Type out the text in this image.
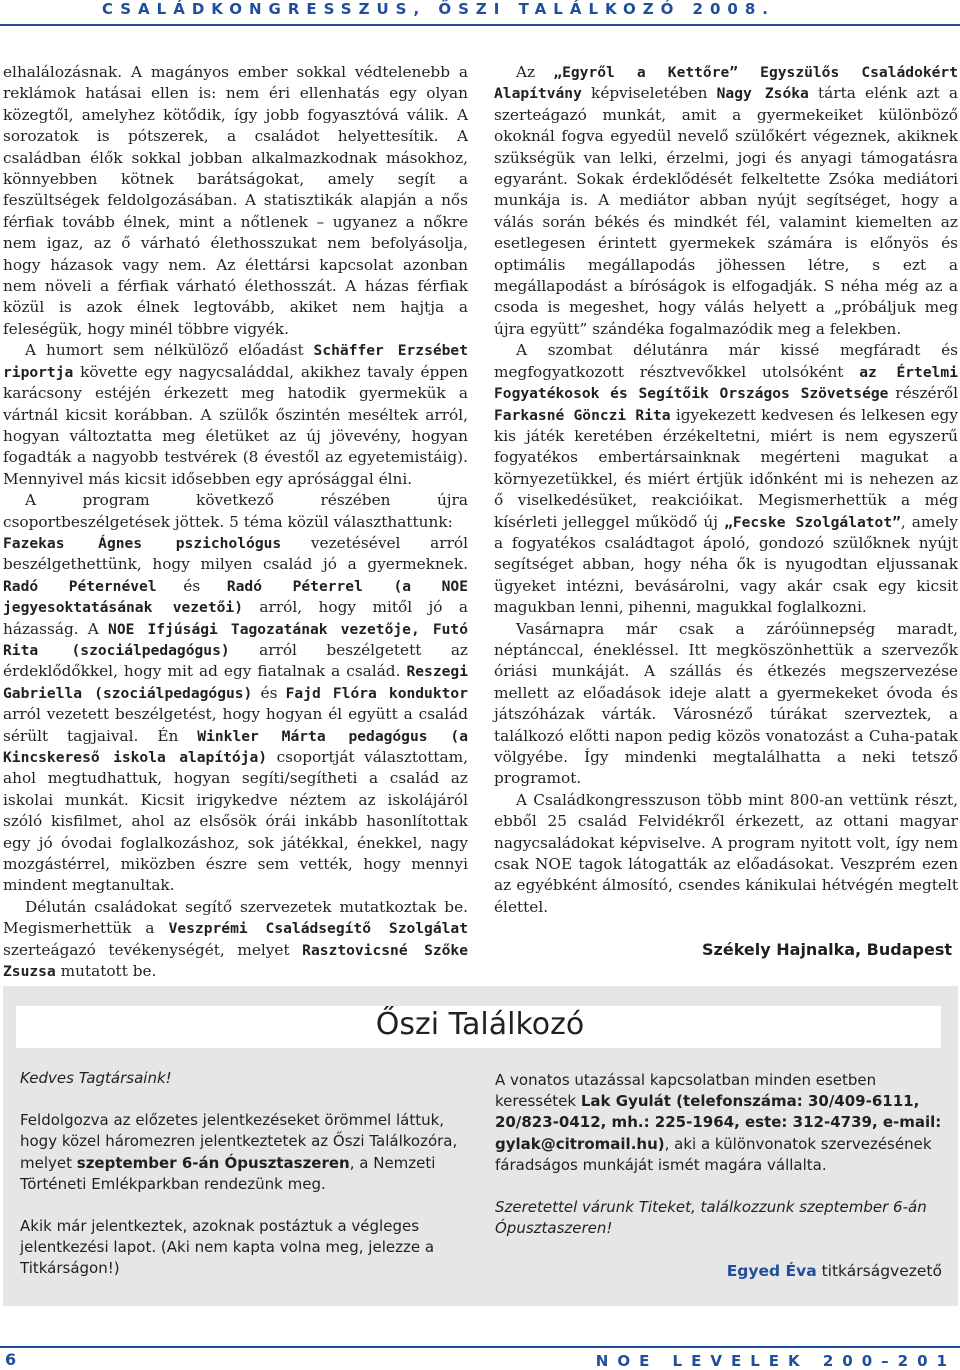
CSALÁDKONGRESSZUS, ŐSZI TALÁLKOZÓ 2008.

elhalálozásnak. A magányos ember sokkal védtelenebb a reklámok hatásai ellen is: nem éri ellenhatás egy olyan közegtől, amelyhez kötődik, így jobb fogyasztóvá válik. A sorozatok is pótszerek, a családot helyettesítik. A családban élők sokkal jobban alkalmazkodnak másokhoz, könnyebben kötnek barátságokat, amely segít a feszültségek feldolgozásában. A statisztikák alapján a nős férfiak tovább élnek, mint a nőtlenek – ugyanez a nőkre nem igaz, az ő várható élethosszukat nem befolyásolja, hogy házasok vagy nem. Az élettársi kapcsolat azonban nem növeli a férfiak várható élethosszát. A házas férfiak közül is azok élnek legtovább, akiket nem hajtja a feleségük, hogy minél többre vigyék.

A humort sem nélkülöző előadást Schäffer Erzsébet riportja követte egy nagycsaláddal, akikhez tavaly éppen karácsony estéjén érkezett meg hatodik gyermekük a vártnál kicsit korábban. A szülők őszintén meséltek arról, hogyan változtatta meg életüket az új jövevény, hogyan fogadták a nagyobb testvérek (8 évestől az egyetemistáig). Mennyivel más kicsit idősebben egy aprósággal élni.

A program következő részében újra csoportbeszélgetések jöttek. 5 téma közül választhattunk:

Fazekas Ágnes pszichológus vezetésével arról beszélgethettünk, hogy milyen család jó a gyermeknek. Radó Péternével és Radó Péterrel (a NOE jegyesoktatásának vezetői) arról, hogy mitől jó a házasság. A NOE Ifjúsági Tagozatának vezetője, Futó Rita (szociálpedagógus) arról beszélgetett az érdeklődőkkel, hogy mit ad egy fiatalnak a család. Reszegi Gabriella (szociálpedagógus) és Fajd Flóra konduktor arról vezetett beszélgetést, hogy hogyan él együtt a család sérült tagjaival. Én Winkler Márta pedagógus (a Kincskereső iskola alapítója) csoportját választottam, ahol megtudhattuk, hogyan segíti/segítheti a család az iskolai munkát. Kicsit irigykedve néztem az iskolájáról szóló kisfilmet, ahol az elsősök órái inkább hasonlítottak egy jó óvodai foglalkozáshoz, sok játékkal, énekkel, nagy mozgástérrel, miközben észre sem vették, hogy mennyi mindent megtanultak.

Délután családokat segítő szervezetek mutatkoztak be. Megismerhettük a Veszprémi Családsegítő Szolgálat szerteágazó tevékenységét, melyet Rasztovicsné Szőke Zsuzsa mutatott be.

Az „Egyről a Kettőre” Egyszülős Családokért Alapítvány képviseletében Nagy Zsóka tárta elénk azt a szerteágazó munkát, amit a gyermekeiket különböző okoknál fogva egyedül nevelő szülőkért végeznek, akiknek szükségük van lelki, érzelmi, jogi és anyagi támogatásra egyaránt. Sokak érdeklődését felkeltette Zsóka mediátori munkája is. A mediátor abban nyújt segítséget, hogy a válás során békés és mindkét fél, valamint kiemelten az esetlegesen érintett gyermekek számára is előnyös és optimális megállapodás jöhessen létre, s ezt a megállapodást a bíróságok is elfogadják. S néha még az a csoda is megeshet, hogy válás helyett a „próbáljuk meg újra együtt” szándéka fogalmazódik meg a felekben.

A szombat délutánra már kissé megfáradt és megfogyatkozott résztvevőkkel utolsóként az Értelmi Fogyatékosok és Segítőik Országos Szövetsége részéről Farkasné Gönczi Rita igyekezett kedvesen és lelkesen egy kis játék keretében érzékeltetni, miért is nem egyszerű fogyatékos embertársainknak megérteni magukat a környezetükkel, és miért értjük időnként mi is nehezen az ő viselkedésüket, reakcióikat. Megismerhettük a még kísérleti jelleggel működő új „Fecske Szolgálatot”, amely a fogyatékos családtagot ápoló, gondozó szülőknek nyújt segítséget abban, hogy néha ők is nyugodtan eljussanak ügyeket intézni, bevásárolni, vagy akár csak egy kicsit magukban lenni, pihenni, magukkal foglalkozni.

Vasárnapra már csak a záróünnepség maradt, néptánccal, énekléssel. Itt megköszönhettük a szervezők óriási munkáját. A szállás és étkezés megszervezése mellett az előadások ideje alatt a gyermekeket óvoda és játszóházak várták. Városnéző túrákat szerveztek, a találkozó előtti napon pedig közös vonatozást a Cuha-patak völgyébe. Így mindenki megtalálhatta a neki tetsző programot.

A Családkongresszuson több mint 800-an vettünk részt, ebből 25 család Felvidékről érkezett, az ottani magyar nagycsaládokat képviselve. A program nyitott volt, így nem csak NOE tagok látogatták az előadásokat. Veszprém ezen az egyébként álmosító, csendes kánikulai hétvégén megtelt élettel.

Székely Hajnalka, Budapest
Őszi Találkozó

Kedves Tagtársaink!

Feldolgozva az előzetes jelentkezéseket örömmel láttuk, hogy közel háromezren jelentkeztetek az Őszi Találkozóra, melyet szeptember 6-án Ópusztaszeren, a Nemzeti Történeti Emlékparkban rendezünk meg.

Akik már jelentkeztek, azoknak postáztuk a végleges jelentkezési lapot. (Aki nem kapta volna meg, jelezze a Titkárságon!)

A vonatos utazással kapcsolatban minden esetben keressétek Lak Gyulát (telefonszáma: 30/409-6111, 20/823-0412, mh.: 225-1964, este: 312-4739, e-mail: gylak@citromail.hu), aki a különvonatok szervezésének fáradságos munkáját ismét magára vállalta.

Szeretettel várunk Titeket, találkozzunk szeptember 6-án Ópusztaszeren!

Egyed Éva titkárságvezető
6	NOE LEVELEK 200–201
